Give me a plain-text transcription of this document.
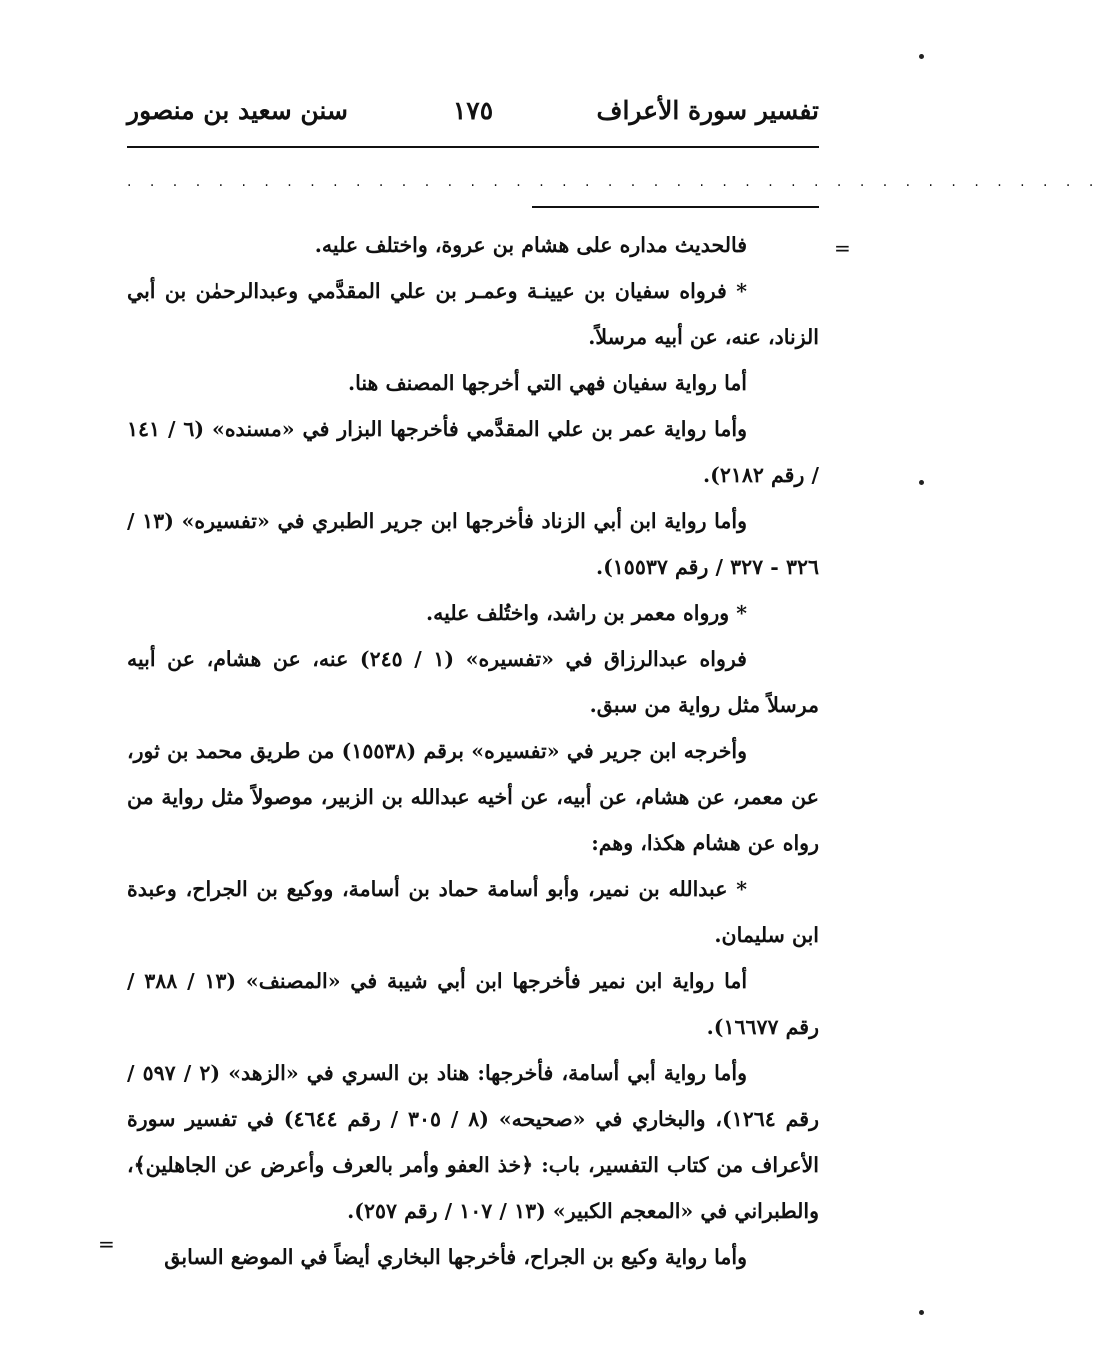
تفسير سورة الأعراف
١٧٥
سنن سعيد بن منصور
. . . . . . . . . . . . . . . . . . . . . . . . . . . . . . . . . . . . . . . . . . .
=
=

فالحديث مداره على هشام بن عروة، واختلف عليه.

* فرواه سفيان بن عيينـة وعمـر بن علي المقدَّمي وعبدالرحمٰن بن أبي الزناد، عنه، عن أبيه مرسلاً.

أما رواية سفيان فهي التي أخرجها المصنف هنا.

وأما رواية عمر بن علي المقدَّمي فأخرجها البزار في «مسنده» (٦ / ١٤١ / رقم ٢١٨٢).

وأما رواية ابن أبي الزناد فأخرجها ابن جرير الطبري في «تفسيره» (١٣ / ٣٢٦ - ٣٢٧ / رقم ١٥٥٣٧).

* ورواه معمر بن راشد، واختُلف عليه.

فرواه عبدالرزاق في «تفسيره» (١ / ٢٤٥) عنه، عن هشام، عن أبيه مرسلاً مثل رواية من سبق.

وأخرجه ابن جرير في «تفسيره» برقم (١٥٥٣٨) من طريق محمد بن ثور، عن معمر، عن هشام، عن أبيه، عن أخيه عبدالله بن الزبير، موصولاً مثل رواية من رواه عن هشام هكذا، وهم:

* عبدالله بن نمير، وأبو أسامة حماد بن أسامة، ووكيع بن الجراح، وعبدة ابن سليمان.

أما رواية ابن نمير فأخرجها ابن أبي شيبة في «المصنف» (١٣ / ٣٨٨ / رقم ١٦٦٧٧).

وأما رواية أبي أسامة، فأخرجها: هناد بن السري في «الزهد» (٢ / ٥٩٧ / رقم ١٢٦٤)، والبخاري في «صحيحه» (٨ / ٣٠٥ / رقم ٤٦٤٤) في تفسير سورة الأعراف من كتاب التفسير، باب: ﴿خذ العفو وأمر بالعرف وأعرض عن الجاهلين﴾، والطبراني في «المعجم الكبير» (١٣ / ١٠٧ / رقم ٢٥٧).

وأما رواية وكيع بن الجراح، فأخرجها البخاري أيضاً في الموضع السابق
